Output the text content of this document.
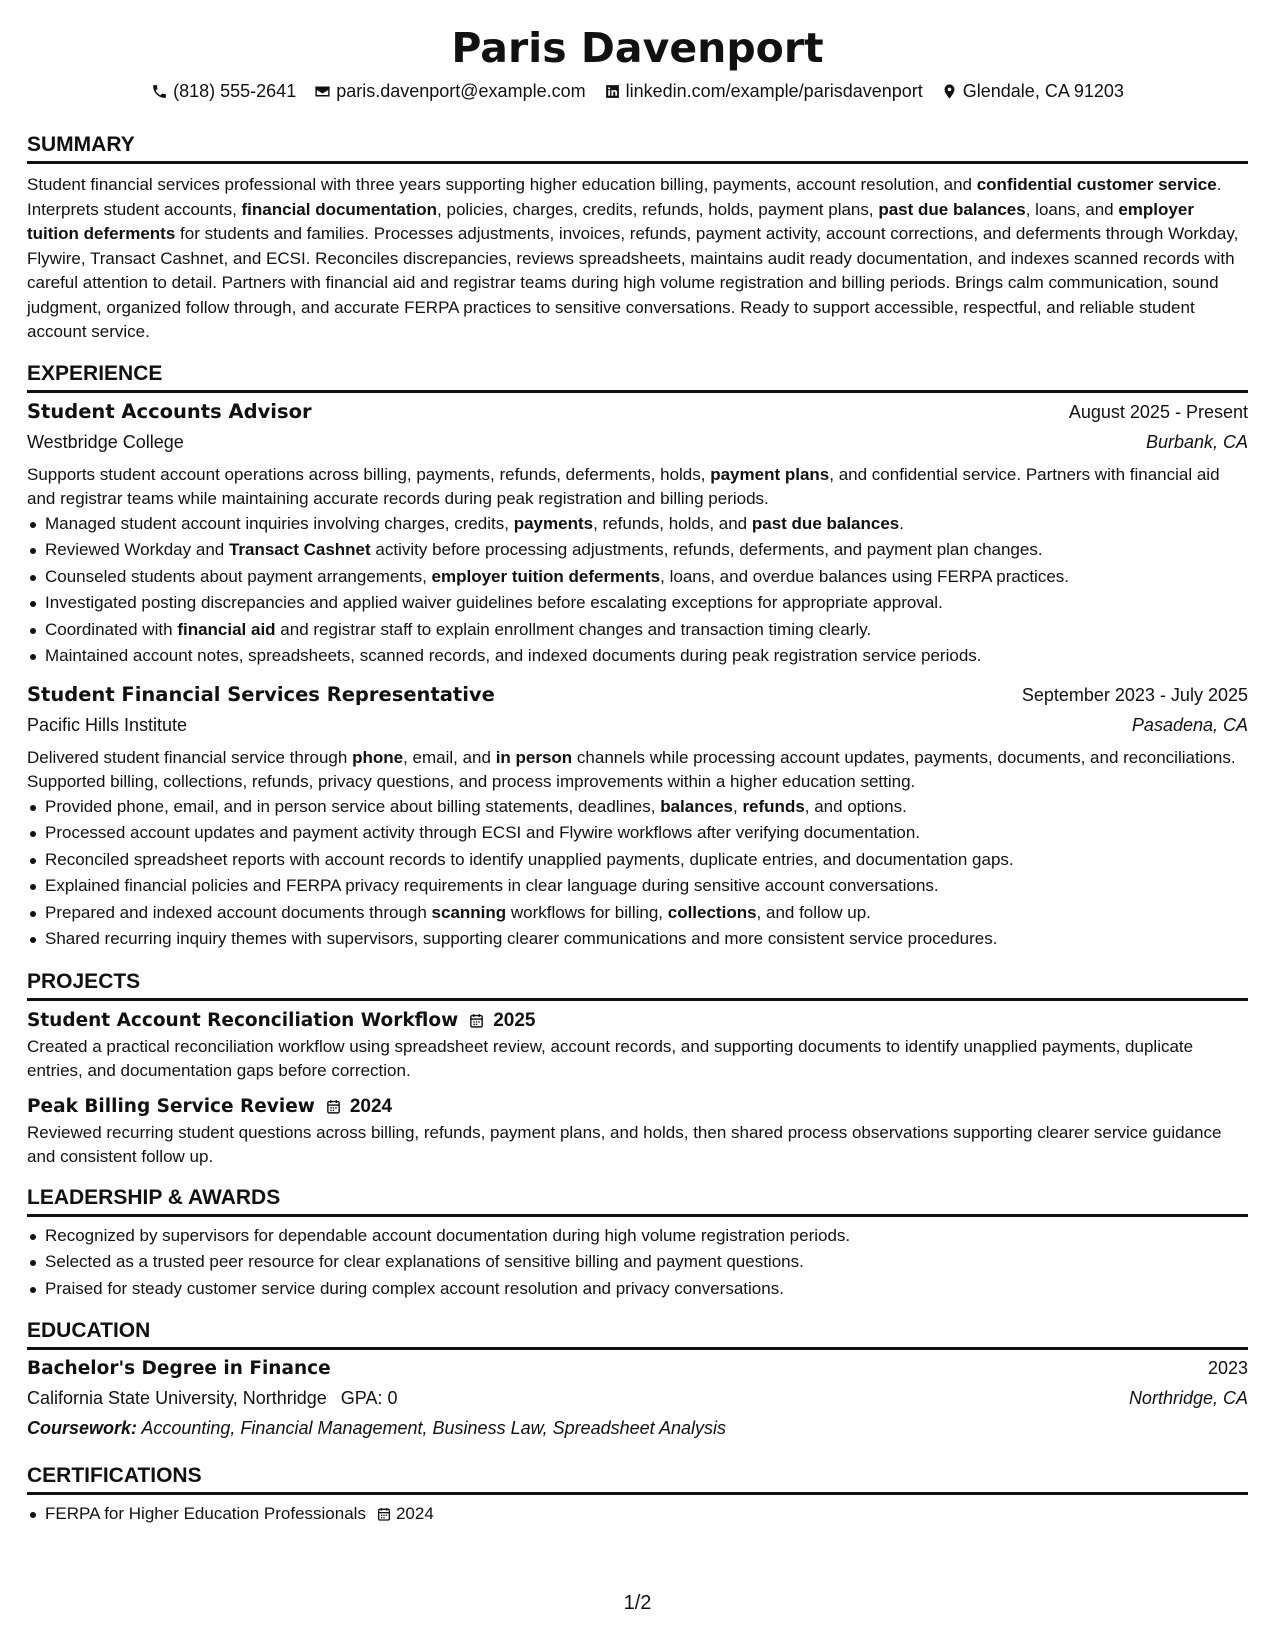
Paris Davenport
(818) 555-2641 paris.davenport@example.com linkedin.com/example/parisdavenport Glendale, CA 91203
SUMMARY
Student financial services professional with three years supporting higher education billing, payments, account resolution, and confidential customer service. Interprets student accounts, financial documentation, policies, charges, credits, refunds, holds, payment plans, past due balances, loans, and employer tuition deferments for students and families. Processes adjustments, invoices, refunds, payment activity, account corrections, and deferments through Workday, Flywire, Transact Cashnet, and ECSI. Reconciles discrepancies, reviews spreadsheets, maintains audit ready documentation, and indexes scanned records with careful attention to detail. Partners with financial aid and registrar teams during high volume registration and billing periods. Brings calm communication, sound judgment, organized follow through, and accurate FERPA practices to sensitive conversations. Ready to support accessible, respectful, and reliable student account service.
EXPERIENCE
Student Accounts Advisor	August 2025 - Present
Westbridge College	Burbank, CA
Supports student account operations across billing, payments, refunds, deferments, holds, payment plans, and confidential service. Partners with financial aid and registrar teams while maintaining accurate records during peak registration and billing periods.
Managed student account inquiries involving charges, credits, payments, refunds, holds, and past due balances.
Reviewed Workday and Transact Cashnet activity before processing adjustments, refunds, deferments, and payment plan changes.
Counseled students about payment arrangements, employer tuition deferments, loans, and overdue balances using FERPA practices.
Investigated posting discrepancies and applied waiver guidelines before escalating exceptions for appropriate approval.
Coordinated with financial aid and registrar staff to explain enrollment changes and transaction timing clearly.
Maintained account notes, spreadsheets, scanned records, and indexed documents during peak registration service periods.
Student Financial Services Representative	September 2023 - July 2025
Pacific Hills Institute	Pasadena, CA
Delivered student financial service through phone, email, and in person channels while processing account updates, payments, documents, and reconciliations. Supported billing, collections, refunds, privacy questions, and process improvements within a higher education setting.
Provided phone, email, and in person service about billing statements, deadlines, balances, refunds, and options.
Processed account updates and payment activity through ECSI and Flywire workflows after verifying documentation.
Reconciled spreadsheet reports with account records to identify unapplied payments, duplicate entries, and documentation gaps.
Explained financial policies and FERPA privacy requirements in clear language during sensitive account conversations.
Prepared and indexed account documents through scanning workflows for billing, collections, and follow up.
Shared recurring inquiry themes with supervisors, supporting clearer communications and more consistent service procedures.
PROJECTS
Student Account Reconciliation Workflow 2025
Created a practical reconciliation workflow using spreadsheet review, account records, and supporting documents to identify unapplied payments, duplicate entries, and documentation gaps before correction.
Peak Billing Service Review 2024
Reviewed recurring student questions across billing, refunds, payment plans, and holds, then shared process observations supporting clearer service guidance and consistent follow up.
LEADERSHIP & AWARDS
Recognized by supervisors for dependable account documentation during high volume registration periods.
Selected as a trusted peer resource for clear explanations of sensitive billing and payment questions.
Praised for steady customer service during complex account resolution and privacy conversations.
EDUCATION
Bachelor's Degree in Finance	2023
California State University, Northridge GPA: 0	Northridge, CA
Coursework: Accounting, Financial Management, Business Law, Spreadsheet Analysis
CERTIFICATIONS
FERPA for Higher Education Professionals 2024
1/2
